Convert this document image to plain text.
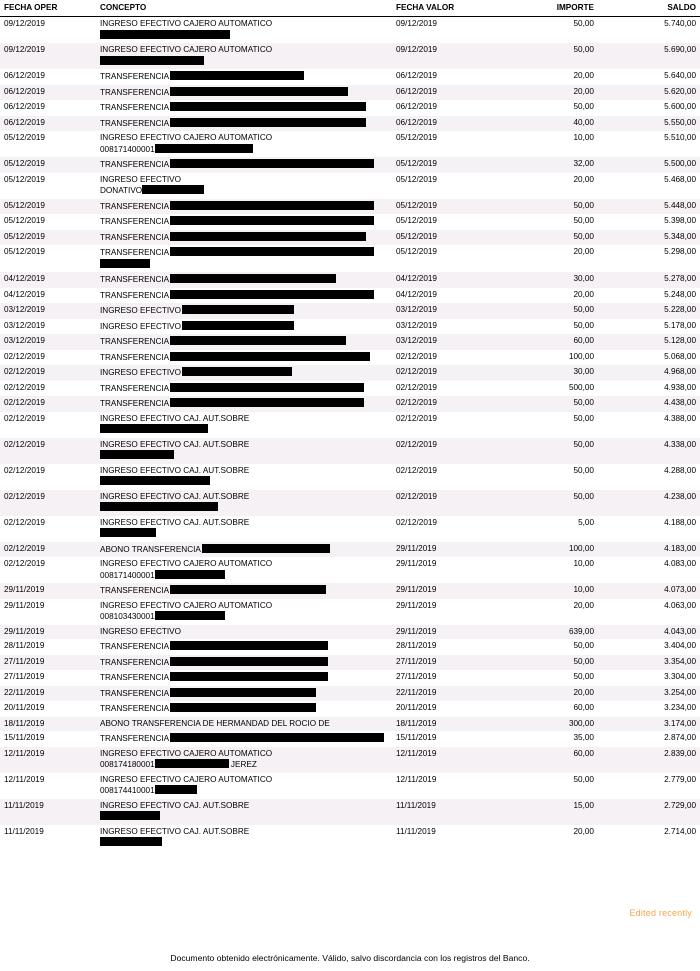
FECHA OPER	CONCEPTO	FECHA VALOR	IMPORTE	SALDO
09/12/2019	INGRESO EFECTIVO CAJERO AUTOMATICO	09/12/2019	50,00	5.740,00
09/12/2019	INGRESO EFECTIVO CAJERO AUTOMATICO	09/12/2019	50,00	5.690,00
06/12/2019	TRANSFERENCIA	06/12/2019	20,00	5.640,00
06/12/2019	TRANSFERENCIA	06/12/2019	20,00	5.620,00
06/12/2019	TRANSFERENCIA	06/12/2019	50,00	5.600,00
06/12/2019	TRANSFERENCIA	06/12/2019	40,00	5.550,00
05/12/2019	INGRESO EFECTIVO CAJERO AUTOMATICO
008171400001	05/12/2019	10,00	5.510,00
05/12/2019	TRANSFERENCIA	05/12/2019	32,00	5.500,00
05/12/2019	INGRESO EFECTIVO
DONATIVO	05/12/2019	20,00	5.468,00
05/12/2019	TRANSFERENCIA	05/12/2019	50,00	5.448,00
05/12/2019	TRANSFERENCIA	05/12/2019	50,00	5.398,00
05/12/2019	TRANSFERENCIA	05/12/2019	50,00	5.348,00
05/12/2019	TRANSFERENCIA	05/12/2019	20,00	5.298,00
04/12/2019	TRANSFERENCIA	04/12/2019	30,00	5.278,00
04/12/2019	TRANSFERENCIA	04/12/2019	20,00	5.248,00
03/12/2019	INGRESO EFECTIVO	03/12/2019	50,00	5.228,00
03/12/2019	INGRESO EFECTIVO	03/12/2019	50,00	5.178,00
03/12/2019	TRANSFERENCIA	03/12/2019	60,00	5.128,00
02/12/2019	TRANSFERENCIA	02/12/2019	100,00	5.068,00
02/12/2019	INGRESO EFECTIVO	02/12/2019	30,00	4.968,00
02/12/2019	TRANSFERENCIA	02/12/2019	500,00	4.938,00
02/12/2019	TRANSFERENCIA	02/12/2019	50,00	4.438,00
02/12/2019	INGRESO EFECTIVO CAJ. AUT.SOBRE	02/12/2019	50,00	4.388,00
02/12/2019	INGRESO EFECTIVO CAJ. AUT.SOBRE	02/12/2019	50,00	4.338,00
02/12/2019	INGRESO EFECTIVO CAJ. AUT.SOBRE	02/12/2019	50,00	4.288,00
02/12/2019	INGRESO EFECTIVO CAJ. AUT.SOBRE	02/12/2019	50,00	4.238,00
02/12/2019	INGRESO EFECTIVO CAJ. AUT.SOBRE	02/12/2019	5,00	4.188,00
02/12/2019	ABONO TRANSFERENCIA	29/11/2019	100,00	4.183,00
02/12/2019	INGRESO EFECTIVO CAJERO AUTOMATICO
008171400001	29/11/2019	10,00	4.083,00
29/11/2019	TRANSFERENCIA	29/11/2019	10,00	4.073,00
29/11/2019	INGRESO EFECTIVO CAJERO AUTOMATICO
008103430001	29/11/2019	20,00	4.063,00
29/11/2019	INGRESO EFECTIVO	29/11/2019	639,00	4.043,00
28/11/2019	TRANSFERENCIA	28/11/2019	50,00	3.404,00
27/11/2019	TRANSFERENCIA	27/11/2019	50,00	3.354,00
27/11/2019	TRANSFERENCIA	27/11/2019	50,00	3.304,00
22/11/2019	TRANSFERENCIA	22/11/2019	20,00	3.254,00
20/11/2019	TRANSFERENCIA	20/11/2019	60,00	3.234,00
18/11/2019	ABONO TRANSFERENCIA DE HERMANDAD DEL ROCIO DE	18/11/2019	300,00	3.174,00
15/11/2019	TRANSFERENCIA	15/11/2019	35,00	2.874,00
12/11/2019	INGRESO EFECTIVO CAJERO AUTOMATICO
008174180001 JEREZ	12/11/2019	60,00	2.839,00
12/11/2019	INGRESO EFECTIVO CAJERO AUTOMATICO
008174410001	12/11/2019	50,00	2.779,00
11/11/2019	INGRESO EFECTIVO CAJ. AUT.SOBRE	11/11/2019	15,00	2.729,00
11/11/2019	INGRESO EFECTIVO CAJ. AUT.SOBRE	11/11/2019	20,00	2.714,00
Edited recently
Documento obtenido electrónicamente. Válido, salvo discordancia con los registros del Banco.
